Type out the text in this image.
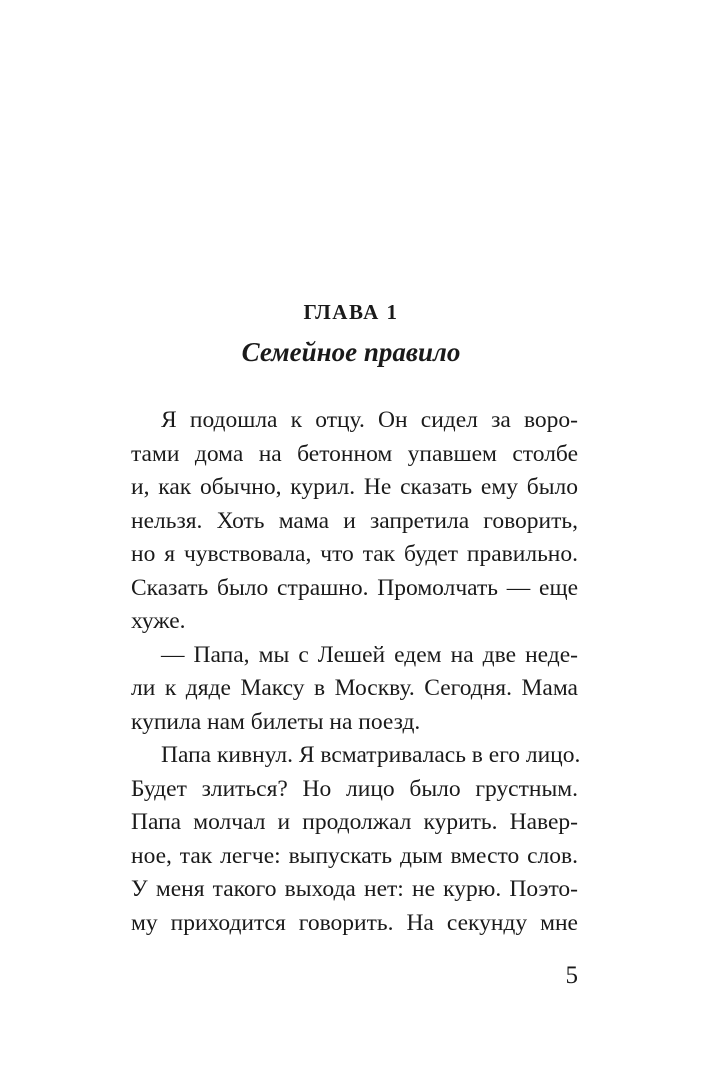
ГЛАВА 1
Семейное правило
Я подошла к отцу. Он сидел за воро-
тами дома на бетонном упавшем столбе
и, как обычно, курил. Не сказать ему было
нельзя. Хоть мама и запретила говорить,
но я чувствовала, что так будет правильно.
Сказать было страшно. Промолчать — еще
хуже.
— Папа, мы с Лешей едем на две неде-
ли к дяде Максу в Москву. Сегодня. Мама
купила нам билеты на поезд.
Папа кивнул. Я всматривалась в его лицо.
Будет злиться? Но лицо было грустным.
Папа молчал и продолжал курить. Навер-
ное, так легче: выпускать дым вместо слов.
У меня такого выхода нет: не курю. Поэто-
му приходится говорить. На секунду мне
5
